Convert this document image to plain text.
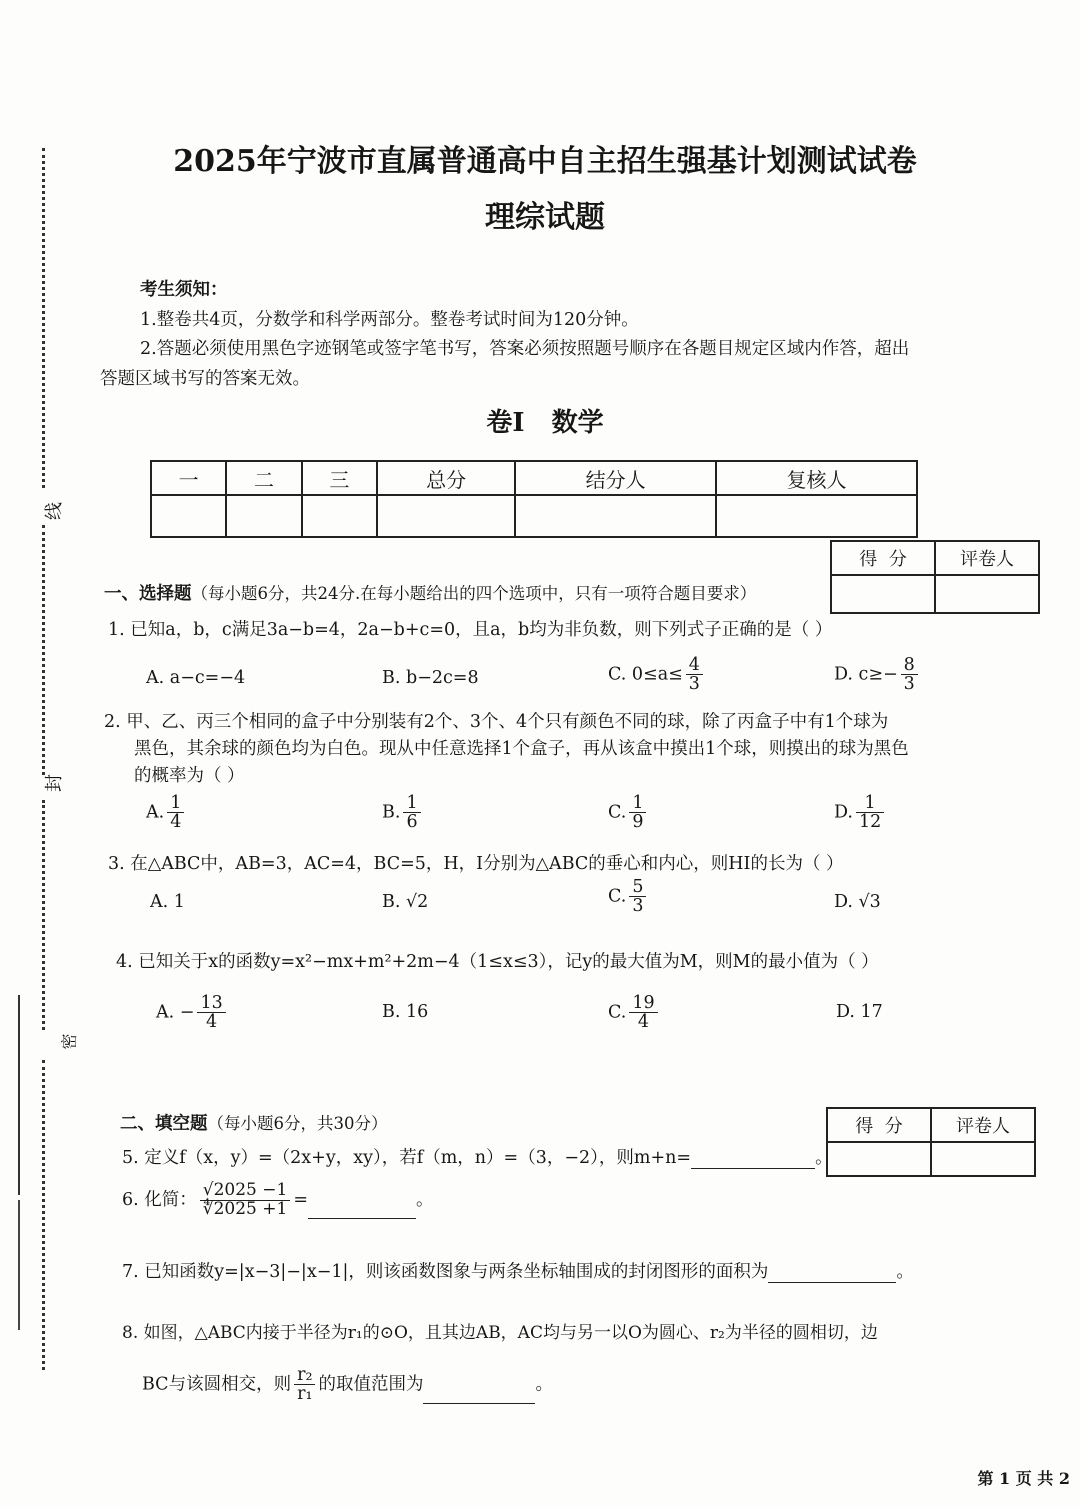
线
封
密
2025年宁波市直属普通高中自主招生强基计划测试试卷
理综试题
考生须知：
1.整卷共4页，分数学和科学两部分。整卷考试时间为120分钟。
2.答题必须使用黑色字迹钢笔或签字笔书写，答案必须按照题号顺序在各题目规定区域内作答，超出
答题区域书写的答案无效。
卷Ⅰ   数学
一	二	三	总分	结分人	复核人

得  分	评卷人

一、选择题（每小题6分，共24分.在每小题给出的四个选项中，只有一项符合题目要求）
1. 已知a，b，c满足3a−b=4，2a−b+c=0，且a，b均为非负数，则下列式子正确的是（ ）
A. a−c=−4	B. b−2c=8	C. $0\le a\le \frac{4}{3}$	D. $c\ge- \frac{8}{3}$
2. 甲、乙、丙三个相同的盒子中分别装有2个、3个、4个只有颜色不同的球，除了丙盒子中有1个球为
黑色，其余球的颜色均为白色。现从中任意选择1个盒子，再从该盒中摸出1个球，则摸出的球为黑色
的概率为（ ）
A. $\frac{1}{4}$	B. $\frac{1}{6}$	C. $\frac{1}{9}$	D. $\frac{1}{12}$
3. 在△ABC中，AB=3，AC=4，BC=5，H，I分别为△ABC的垂心和内心，则HI的长为（ ）
A. 1	B. √2	C. $\frac{5}{3}$	D. √3
4. 已知关于x的函数y=x²−mx+m²+2m−4（1≤x≤3），记y的最大值为M，则M的最小值为（ ）
A. − $\frac{13}{4}$	B. 16	C. $\frac{19}{4}$	D. 17
得  分	评卷人

二、填空题（每小题6分，共30分）
5. 定义f（x，y）=（2x+y，xy），若f（m，n）=（3，−2），则m+n=	。
6. 化简： $\frac{√2025 -1}{∜2025 +1}$ =	。
7. 已知函数y=|x−3|−|x−1|，则该函数图象与两条坐标轴围成的封闭图形的面积为	。
8. 如图，△ABC内接于半径为r₁的⊙O，且其边AB，AC均与另一以O为圆心、r₂为半径的圆相切，边
BC与该圆相交，则 $\frac{\text{r₂}}{\text{r₁}}$ 的取值范围为	。
第 1 页 共 2
